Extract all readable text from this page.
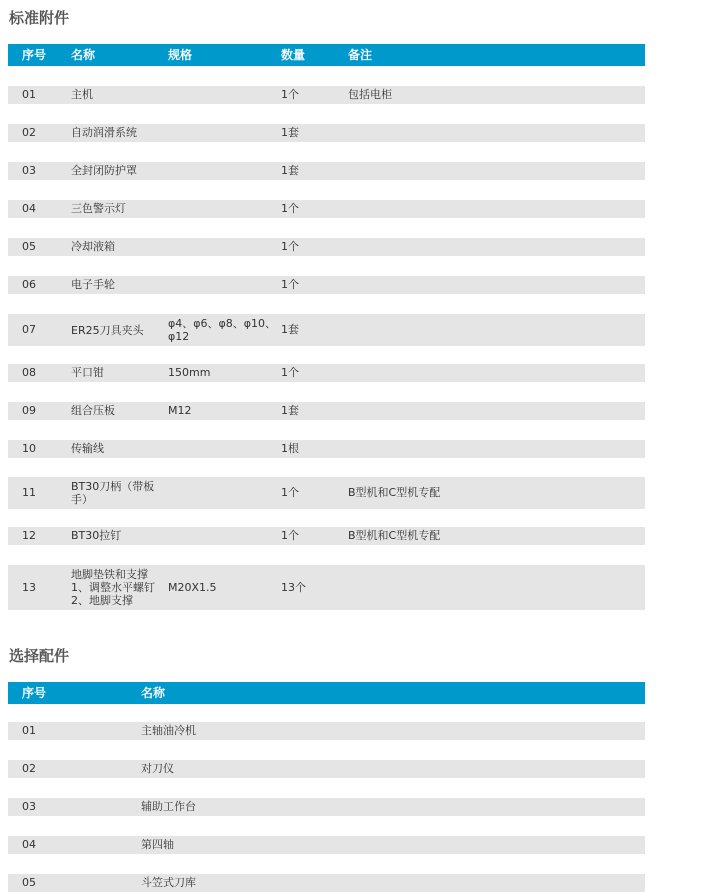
标准附件
序号	名称	规格	数量	备注

01	主机		1个	包括电柜

02	自动润滑系统		1套	

03	全封闭防护罩		1套	

04	三色警示灯		1个	

05	冷却液箱		1个	

06	电子手轮		1个	

07	ER25刀具夹头	φ4、φ6、φ8、φ10、φ12	1套	

08	平口钳	150mm	1个	

09	组合压板	M12	1套	

10	传输线		1根	

11	BT30刀柄（带板手）		1个	B型机和C型机专配

12	BT30拉钉		1个	B型机和C型机专配

13	地脚垫铁和支撑 1、调整水平螺钉 2、地脚支撑	M20X1.5	13个	
选择配件
序号	名称

01	主轴油冷机

02	对刀仪

03	辅助工作台

04	第四轴

05	斗笠式刀库
